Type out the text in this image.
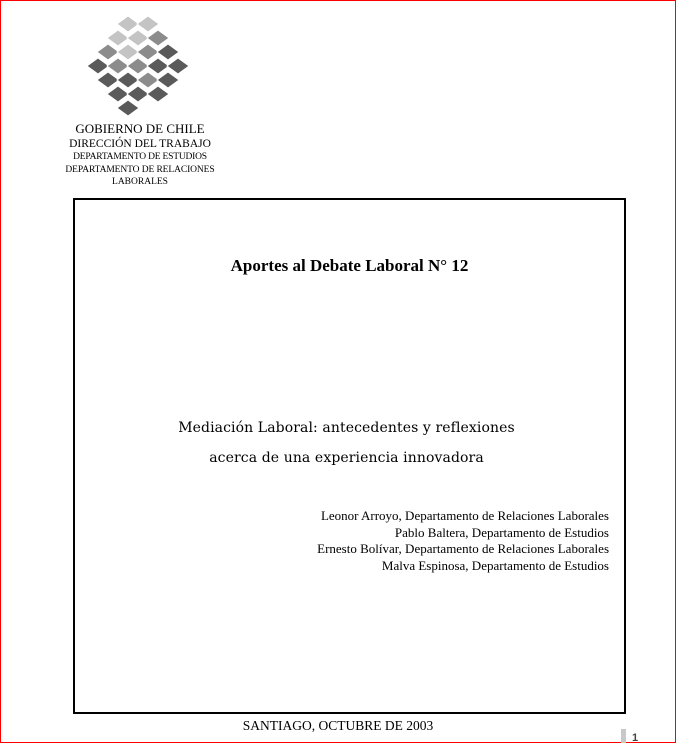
GOBIERNO DE CHILE
DIRECCIÓN DEL TRABAJO
DEPARTAMENTO DE ESTUDIOS
DEPARTAMENTO DE RELACIONES
LABORALES
Aportes al Debate Laboral N° 12
Mediación Laboral: antecedentes y reflexiones
acerca de una experiencia innovadora
Leonor Arroyo, Departamento de Relaciones Laborales
Pablo Baltera, Departamento de Estudios
Ernesto Bolívar, Departamento de Relaciones Laborales
Malva Espinosa, Departamento de Estudios
SANTIAGO, OCTUBRE DE 2003
1
